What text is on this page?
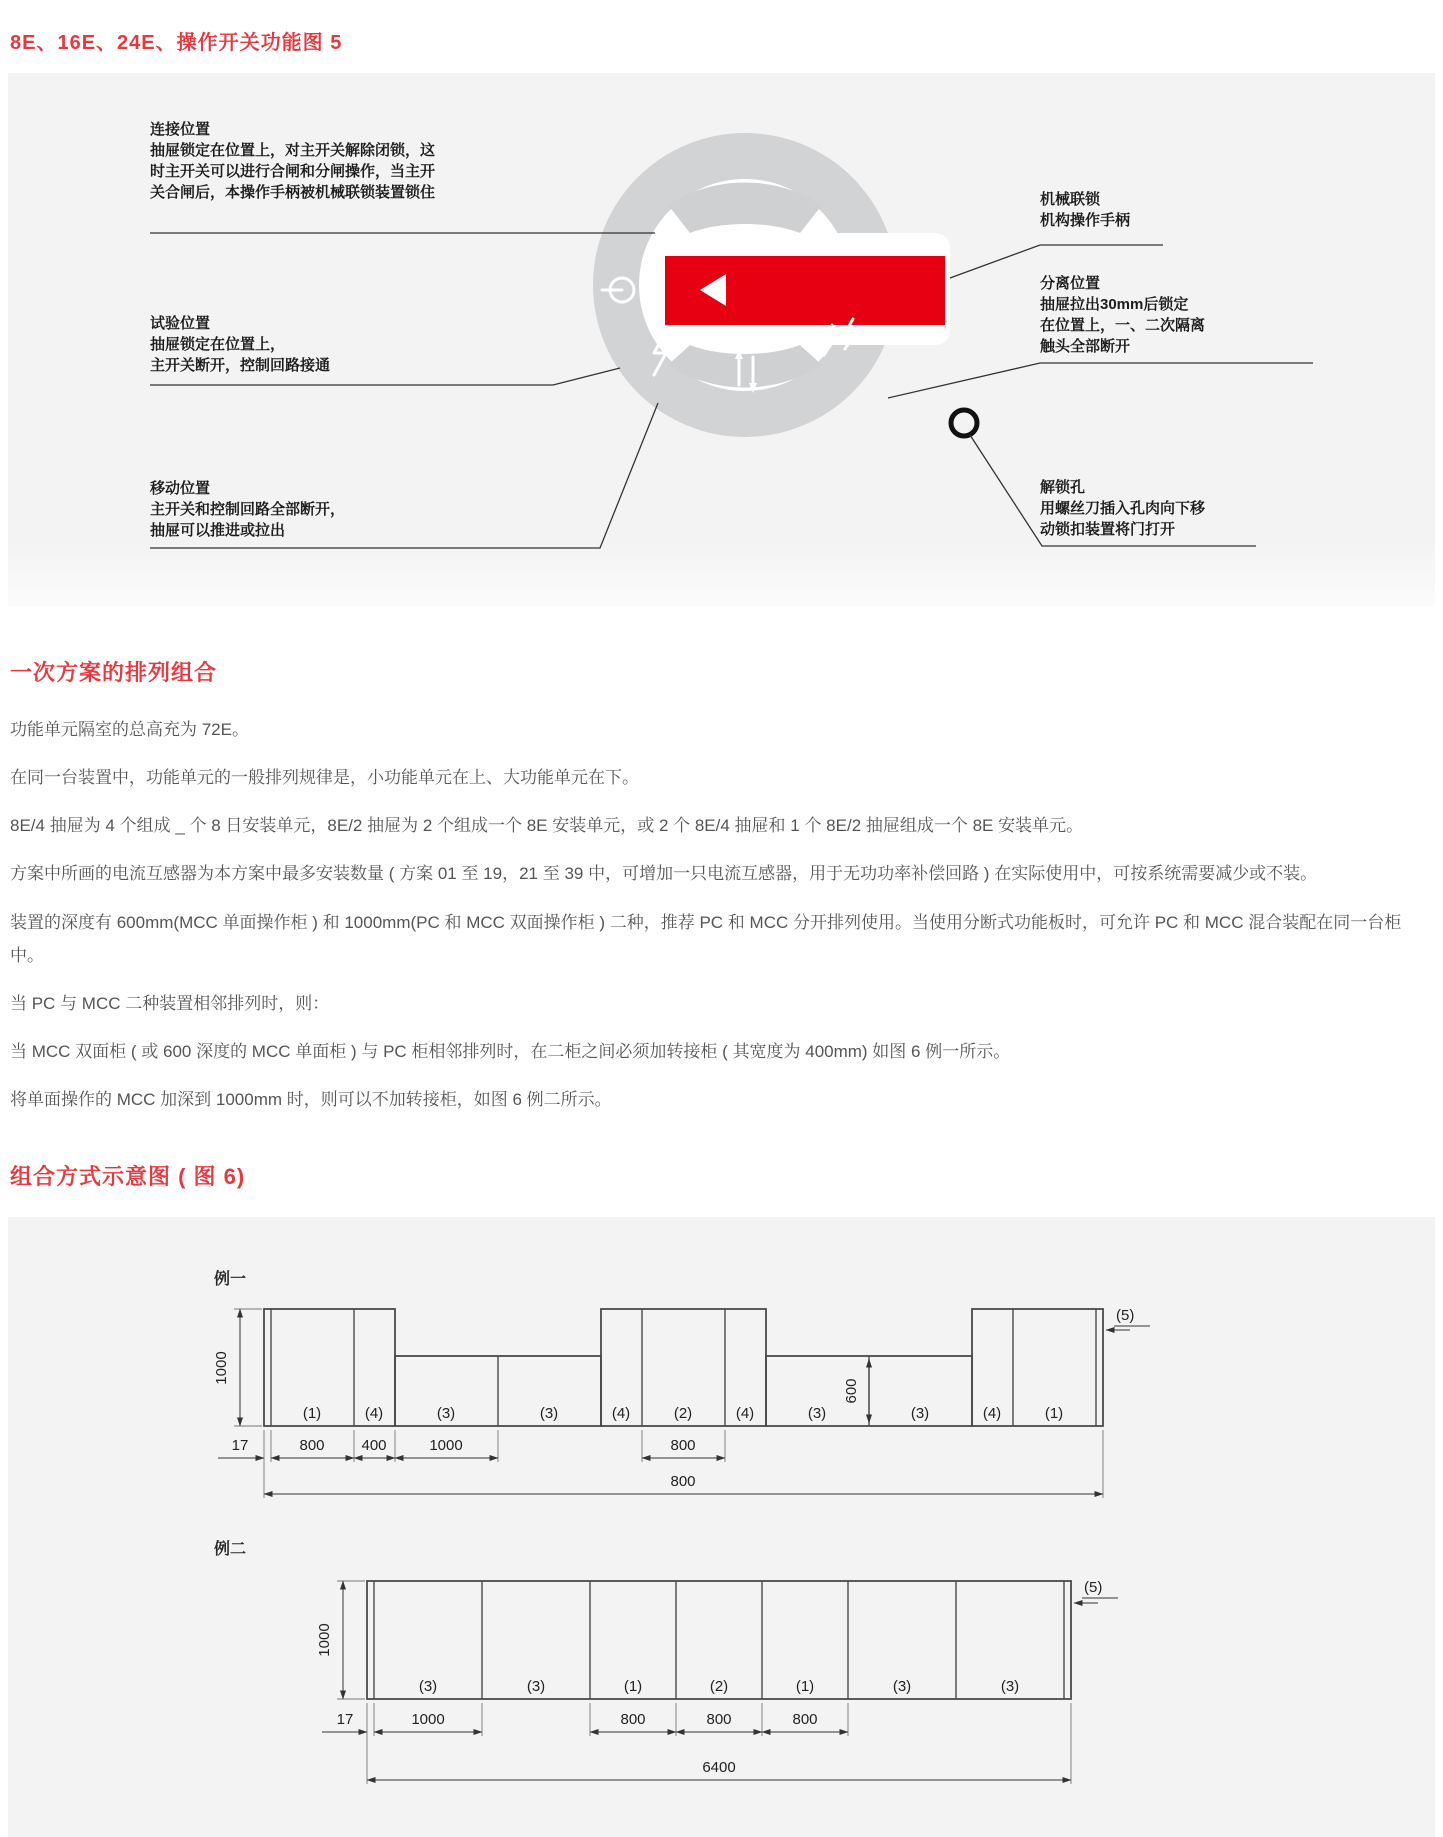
8E、16E、24E、操作开关功能图 5
连接位置
抽屉锁定在位置上，对主开关解除闭锁，这
时主开关可以进行合闸和分闸操作，当主开
关合闸后，本操作手柄被机械联锁装置锁住
试验位置
抽屉锁定在位置上，
主开关断开，控制回路接通
移动位置
主开关和控制回路全部断开，
抽屉可以推进或拉出
机械联锁
机构操作手柄
分离位置
抽屉拉出30mm后锁定
在位置上，一、二次隔离
触头全部断开
解锁孔
用螺丝刀插入孔肉向下移
动锁扣装置将门打开
一次方案的排列组合

功能单元隔室的总高充为 72E。

在同一台装置中，功能单元的一般排列规律是，小功能单元在上、大功能单元在下。

8E/4 抽屉为 4 个组成 _ 个 8 日安装单元，8E/2 抽屉为 2 个组成一个 8E 安装单元，或 2 个 8E/4 抽屉和 1 个 8E/2 抽屉组成一个 8E 安装单元。

方案中所画的电流互感器为本方案中最多安装数量 ( 方案 01 至 19，21 至 39 中，可增加一只电流互感器，用于无功功率补偿回路 ) 在实际使用中，可按系统需要减少或不装。

装置的深度有 600mm(MCC 单面操作柜 ) 和 1000mm(PC 和 MCC 双面操作柜 ) 二种，推荐 PC 和 MCC 分开排列使用。当使用分断式功能板时，可允许 PC 和 MCC 混合装配在同一台柜中。

当 PC 与 MCC 二种装置相邻排列时，则：

当 MCC 双面柜 ( 或 600 深度的 MCC 单面柜 ) 与 PC 柜相邻排列时，在二柜之间必须加转接柜 ( 其宽度为 400mm) 如图 6 例一所示。

将单面操作的 MCC 加深到 1000mm 时，则可以不加转接柜，如图 6 例二所示。

组合方式示意图 ( 图 6)
例一
(1)	(4)	(3)	(3)	(4)	(2)	(4)	(3)	(3)	(4)	(1)
1000
600
(5)
17	800 400	1000	800
800
例二
(3)	(3)	(1)	(2)	(1)	(3)	(3)
1000
(5)
17	1000	800	800	800
6400
